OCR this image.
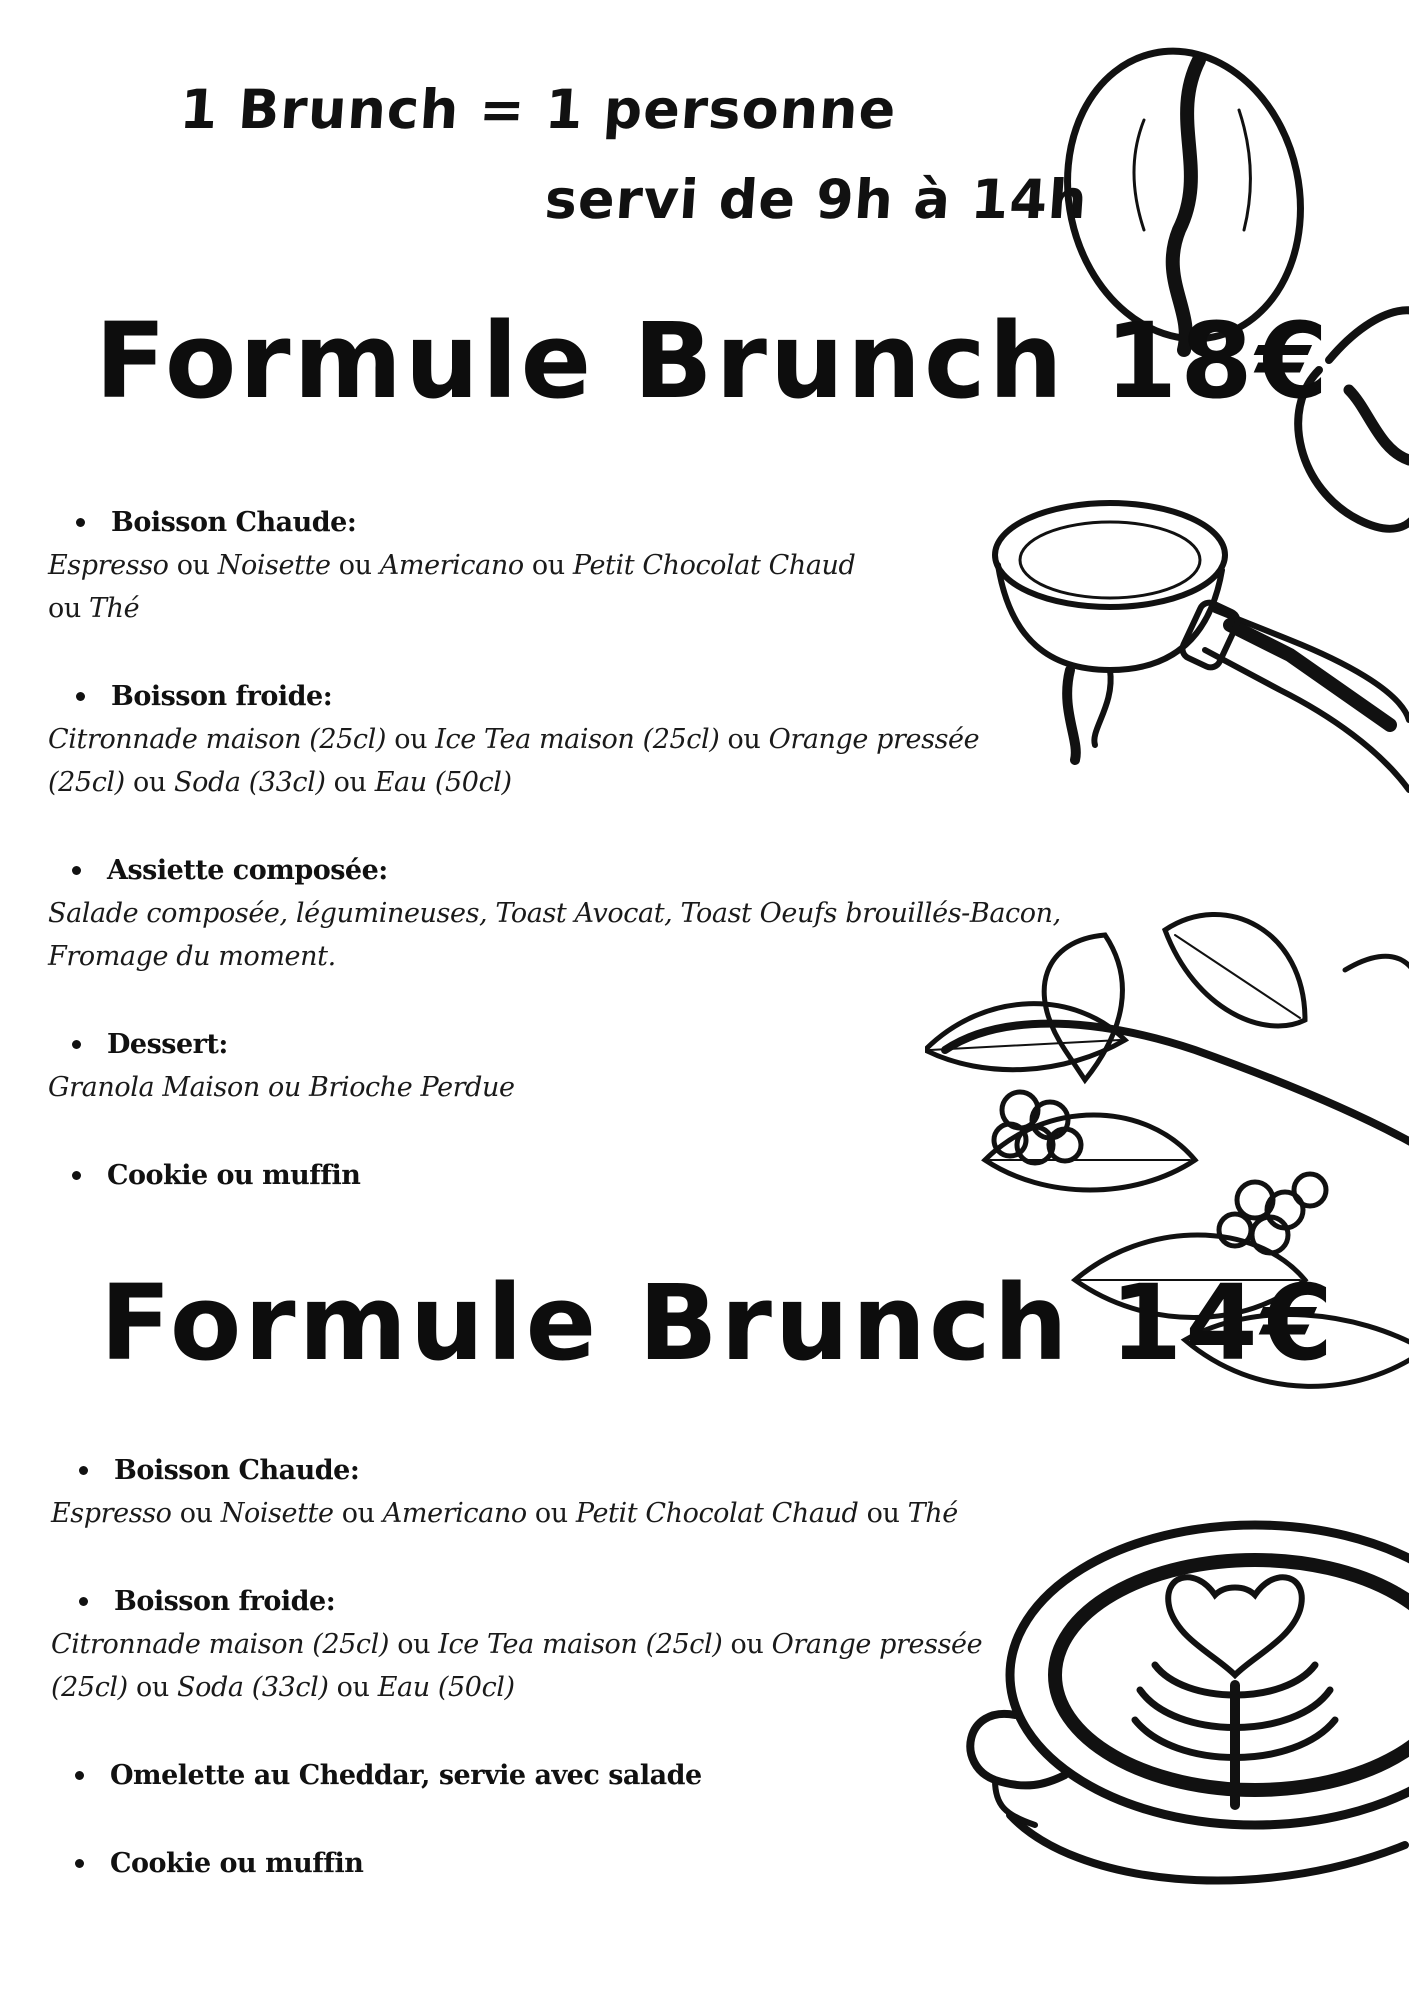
1 Brunch = 1 personne
servi de 9h à 14h
Formule Brunch 18€
Boisson Chaude:
Espresso ou Noisette ou Americano ou Petit Chocolat Chaud
ou Thé
Boisson froide:
Citronnade maison (25cl) ou Ice Tea maison (25cl) ou Orange pressée
(25cl) ou Soda (33cl) ou Eau (50cl)
Assiette composée:
Salade composée, légumineuses, Toast Avocat, Toast Oeufs brouillés-Bacon,
Fromage du moment.
Dessert:
Granola Maison ou Brioche Perdue
Cookie ou muffin
Formule Brunch 14€
Boisson Chaude:
Espresso ou Noisette ou Americano ou Petit Chocolat Chaud ou Thé
Boisson froide:
Citronnade maison (25cl) ou Ice Tea maison (25cl) ou Orange pressée
(25cl) ou Soda (33cl) ou Eau (50cl)
Omelette au Cheddar, servie avec salade
Cookie ou muffin
